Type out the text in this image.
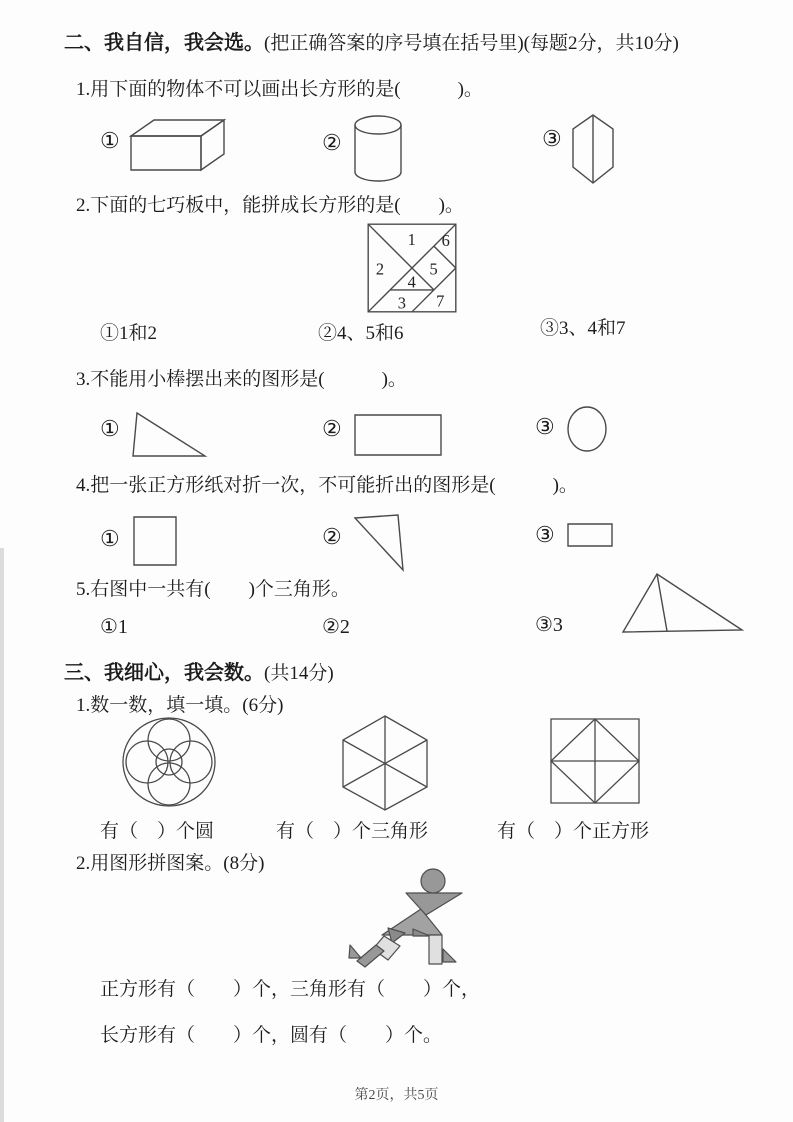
二、我自信，我会选。(把正确答案的序号填在括号里)(每题2分，共10分)
1.用下面的物体不可以画出长方形的是(　　　)。
①	②	③
2.下面的七巧板中，能拼成长方形的是(　　)。
1
2
3
4
5
6
7
①1和2	②4、5和6	③3、4和7
3.不能用小棒摆出来的图形是(　　　)。
①	②	③
4.把一张正方形纸对折一次，不可能折出的图形是(　　　)。
①	②	③
5.右图中一共有(　　)个三角形。
①1	②2	③3
三、我细心，我会数。(共14分)
1.数一数，填一填。(6分)
有（　）个圆	有（　）个三角形	有（　）个正方形
2.用图形拼图案。(8分)
正方形有（　　）个，三角形有（　　）个，
长方形有（　　）个，圆有（　　）个。
第2页，共5页
